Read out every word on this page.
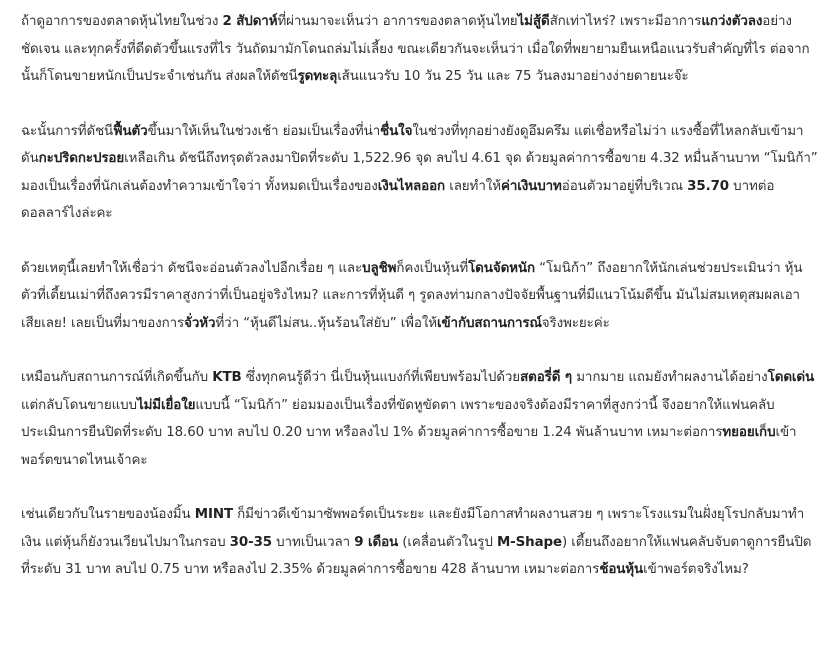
ถ้าดูอาการของตลาดหุ้นไทยในช่วง 2 สัปดาห์ที่ผ่านมาจะเห็นว่า อาการของตลาดหุ้นไทยไม่สู้ดีสักเท่าไหร่? เพราะมีอาการแกว่งตัวลงอย่างชัดเจน และทุกครั้งที่ดีดตัวขึ้นแรงที่ไร วันถัดมามักโดนถล่มไม่เลี้ยง ขณะเดียวกันจะเห็นว่า เมื่อใดที่พยายามยืนเหนือแนวรับสำคัญที่ไร ต่อจากนั้นก็โดนขายหนักเป็นประจำเช่นกัน ส่งผลให้ดัชนีรูดทะลุเส้นแนวรับ 10 วัน 25 วัน และ 75 วันลงมาอย่างง่ายดายนะจ๊ะ

ฉะนั้นการที่ดัชนีฟื้นตัวขึ้นมาให้เห็นในช่วงเช้า ย่อมเป็นเรื่องที่น่าชื่นใจในช่วงที่ทุกอย่างยังดูอึมครึม แต่เชื่อหรือไม่ว่า แรงซื้อที่ไหลกลับเข้ามาดันกะปริดกะปรอยเหลือเกิน ดัชนีถึงทรุดตัวลงมาปิดที่ระดับ 1,522.96 จุด ลบไป 4.61 จุด ด้วยมูลค่าการซื้อขาย 4.32 หมื่นล้านบาท “โมนิก้า” มองเป็นเรื่องที่นักเล่นต้องทำความเข้าใจว่า ทั้งหมดเป็นเรื่องของเงินไหลออก เลยทำให้ค่าเงินบาทอ่อนตัวมาอยู่ที่บริเวณ 35.70 บาทต่อดอลลาร์ไงล่ะคะ

ด้วยเหตุนี้เลยทำให้เชื่อว่า ดัชนีจะอ่อนตัวลงไปอีกเรื่อย ๆ และบลูชิพก็คงเป็นหุ้นที่โดนจัดหนัก “โมนิก้า” ถึงอยากให้นักเล่นช่วยประเมินว่า หุ้นตัวที่เตี้ยนเม่าที่ถึงควรมีราคาสูงกว่าที่เป็นอยู่จริงไหม? และการที่หุ้นดี ๆ รูดลงท่ามกลางปัจจัยพื้นฐานที่มีแนวโน้มดีขึ้น มันไม่สมเหตุสมผลเอาเสียเลย! เลยเป็นที่มาของการจั่วหัวที่ว่า “หุ้นดีไม่สน..หุ้นร้อนใส่ยับ” เพื่อให้เข้ากับสถานการณ์จริงพะยะค่ะ

เหมือนกับสถานการณ์ที่เกิดขึ้นกับ KTB ซึ่งทุกคนรู้ดีว่า นี่เป็นหุ้นแบงก์ที่เพียบพร้อมไปด้วยสตอรี่ดี ๆ มากมาย แถมยังทำผลงานได้อย่างโดดเด่น แต่กลับโดนขายแบบไม่มีเยื่อใยแบบนี้ “โมนิก้า” ย่อมมองเป็นเรื่องที่ขัดหูขัดตา เพราะของจริงต้องมีราคาที่สูงกว่านี้ จึงอยากให้แฟนคลับประเมินการยืนปิดที่ระดับ 18.60 บาท ลบไป 0.20 บาท หรือลงไป 1% ด้วยมูลค่าการซื้อขาย 1.24 พันล้านบาท เหมาะต่อการทยอยเก็บเข้าพอร์ตขนาดไหนเจ้าคะ

เช่นเดียวกับในรายของน้องมิ้น MINT ก็มีข่าวดีเข้ามาซัพพอร์ตเป็นระยะ และยังมีโอกาสทำผลงานสวย ๆ เพราะโรงแรมในฝั่งยุโรปกลับมาทำเงิน แต่หุ้นก็ยังวนเวียนไปมาในกรอบ 30-35 บาทเป็นเวลา 9 เดือน (เคลื่อนตัวในรูป M-Shape) เตี้ยนถึงอยากให้แฟนคลับจับตาดูการยืนปิดที่ระดับ 31 บาท ลบไป 0.75 บาท หรือลงไป 2.35% ด้วยมูลค่าการซื้อขาย 428 ล้านบาท เหมาะต่อการช้อนหุ้นเข้าพอร์ตจริงไหม?
